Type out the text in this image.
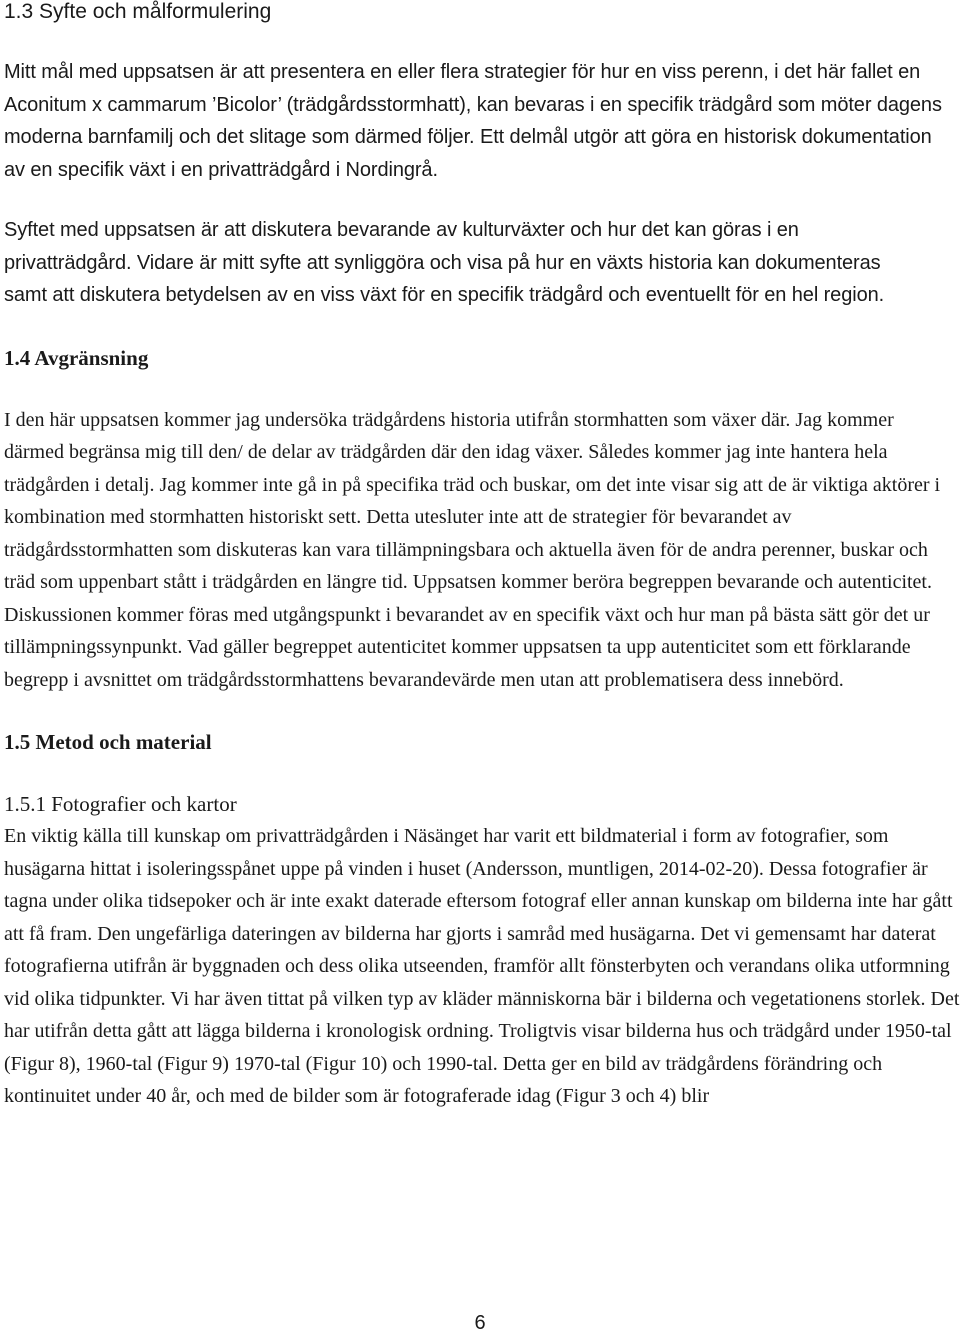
1.3 Syfte och målformulering

Mitt mål med uppsatsen är att presentera en eller flera strategier för hur en viss perenn, i det här fallet en Aconitum x cammarum ’Bicolor’ (trädgårdsstormhatt), kan bevaras i en specifik trädgård som möter dagens moderna barnfamilj och det slitage som därmed följer. Ett delmål utgör att göra en historisk dokumentation av en specifik växt i en privatträdgård i Nordingrå.

Syftet med uppsatsen är att diskutera bevarande av kulturväxter och hur det kan göras i en privatträdgård. Vidare är mitt syfte att synliggöra och visa på hur en växts historia kan dokumenteras samt att diskutera betydelsen av en viss växt för en specifik trädgård och eventuellt för en hel region.

1.4 Avgränsning

I den här uppsatsen kommer jag undersöka trädgårdens historia utifrån stormhatten som växer där. Jag kommer därmed begränsa mig till den/ de delar av trädgården där den idag växer. Således kommer jag inte hantera hela trädgården i detalj. Jag kommer inte gå in på specifika träd och buskar, om det inte visar sig att de är viktiga aktörer i kombination med stormhatten historiskt sett. Detta utesluter inte att de strategier för bevarandet av trädgårdsstormhatten som diskuteras kan vara tillämpningsbara och aktuella även för de andra perenner, buskar och träd som uppenbart stått i trädgården en längre tid. Uppsatsen kommer beröra begreppen bevarande och autenticitet. Diskussionen kommer föras med utgångspunkt i bevarandet av en specifik växt och hur man på bästa sätt gör det ur tillämpningssynpunkt. Vad gäller begreppet autenticitet kommer uppsatsen ta upp autenticitet som ett förklarande begrepp i avsnittet om trädgårdsstormhattens bevarandevärde men utan att problematisera dess innebörd.

1.5 Metod och material
1.5.1 Fotografier och kartor

En viktig källa till kunskap om privatträdgården i Näsänget har varit ett bildmaterial i form av fotografier, som husägarna hittat i isoleringsspånet uppe på vinden i huset (Andersson, muntligen, 2014-02-20). Dessa fotografier är tagna under olika tidsepoker och är inte exakt daterade eftersom fotograf eller annan kunskap om bilderna inte har gått att få fram. Den ungefärliga dateringen av bilderna har gjorts i samråd med husägarna. Det vi gemensamt har daterat fotografierna utifrån är byggnaden och dess olika utseenden, framför allt fönsterbyten och verandans olika utformning vid olika tidpunkter. Vi har även tittat på vilken typ av kläder människorna bär i bilderna och vegetationens storlek. Det har utifrån detta gått att lägga bilderna i kronologisk ordning. Troligtvis visar bilderna hus och trädgård under 1950-tal (Figur 8), 1960-tal (Figur 9) 1970-tal (Figur 10) och 1990-tal. Detta ger en bild av trädgårdens förändring och kontinuitet under 40 år, och med de bilder som är fotograferade idag (Figur 3 och 4) blir

6
